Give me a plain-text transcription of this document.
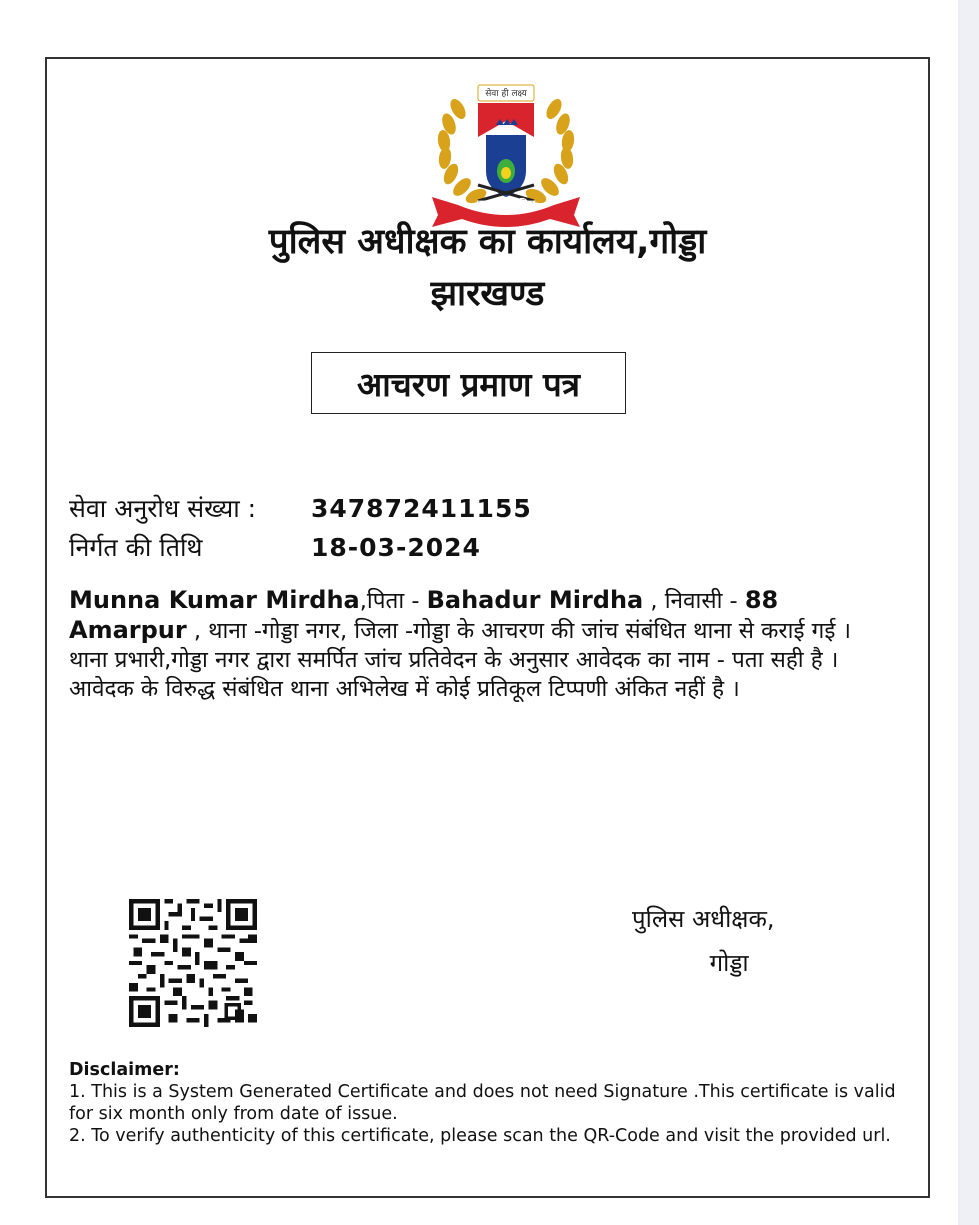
सेवा ही लक्ष्य
झारखण्ड पुलिस
पुलिस अधीक्षक का कार्यालय,गोड्डा
झारखण्ड
आचरण प्रमाण पत्र
सेवा अनुरोध संख्या : 347872411155
निर्गत की तिथि	18-03-2024
Munna Kumar Mirdha,पिता - Bahadur Mirdha , निवासी - 88 Amarpur , थाना -गोड्डा नगर, जिला -गोड्डा के आचरण की जांच संबंधित थाना से कराई गई । थाना प्रभारी,गोड्डा नगर द्वारा समर्पित जांच प्रतिवेदन के अनुसार आवेदक का नाम - पता सही है । आवेदक के विरुद्ध संबंधित थाना अभिलेख में कोई प्रतिकूल टिप्पणी अंकित नहीं है ।
पुलिस अधीक्षक,
गोड्डा
Disclaimer:
1. This is a System Generated Certificate and does not need Signature .This certificate is valid for six month only from date of issue.
2. To verify authenticity of this certificate, please scan the QR-Code and visit the provided url.
